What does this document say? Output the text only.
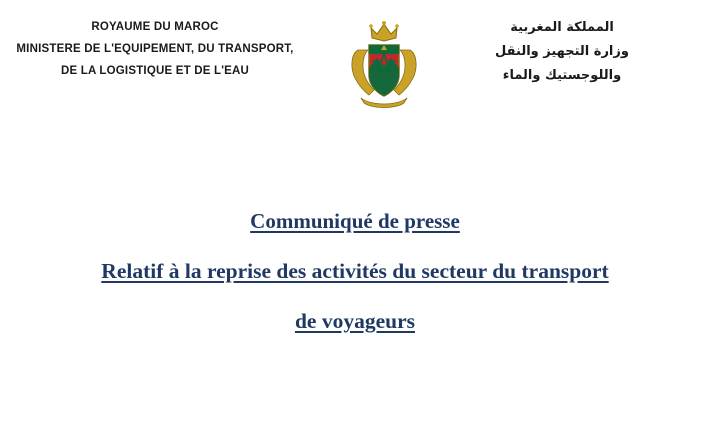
ROYAUME DU MAROC
MINISTERE DE L'EQUIPEMENT, DU TRANSPORT,
DE LA LOGISTIQUE ET DE L'EAU
المملكة المغربية
وزارة التجهيز والنقل
واللوجستيك والماء
Communiqué de presse
Relatif à la reprise des activités du secteur du transport
de voyageurs
